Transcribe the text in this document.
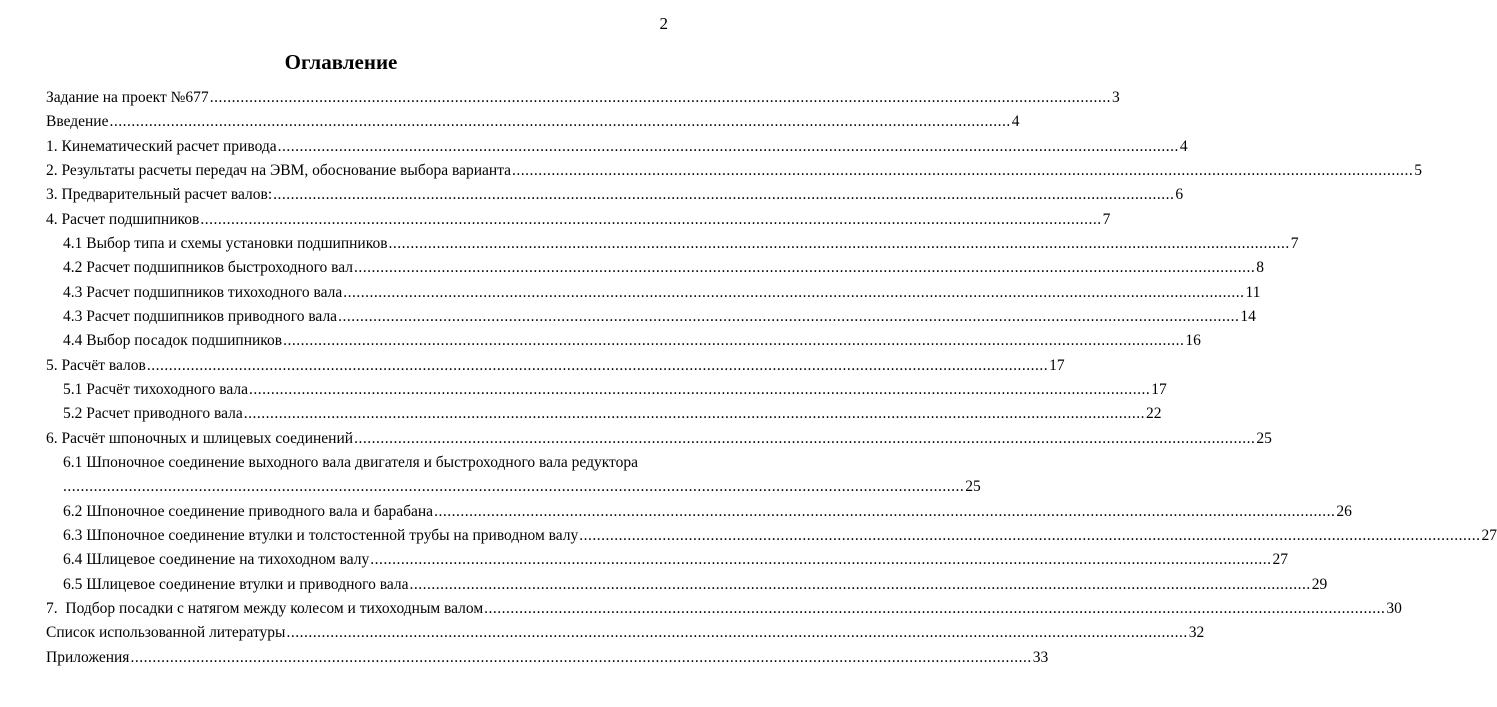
2
Оглавление
Задание на проект №677 .............................................................................................................................................................................................................. 3
Введение .............................................................................................................................................................................................................. 4
1. Кинематический расчет привода .............................................................................................................................................................................................................. 4
2. Результаты расчеты передач на ЭВМ, обоснование выбора варианта .............................................................................................................................................................................................................. 5
3. Предварительный расчет валов: .............................................................................................................................................................................................................. 6
4. Расчет подшипников .............................................................................................................................................................................................................. 7
4.1 Выбор типа и схемы установки подшипников .............................................................................................................................................................................................................. 7
4.2 Расчет подшипников быстроходного вал .............................................................................................................................................................................................................. 8
4.3 Расчет подшипников тихоходного вала .............................................................................................................................................................................................................. 11
4.3 Расчет подшипников приводного вала .............................................................................................................................................................................................................. 14
4.4 Выбор посадок подшипников .............................................................................................................................................................................................................. 16
5. Расчёт валов .............................................................................................................................................................................................................. 17
5.1 Расчёт тихоходного вала .............................................................................................................................................................................................................. 17
5.2 Расчет приводного вала .............................................................................................................................................................................................................. 22
6. Расчёт шпоночных и шлицевых соединений .............................................................................................................................................................................................................. 25
6.1 Шпоночное соединение выходного вала двигателя и быстроходного вала редуктора
.............................................................................................................................................................................................................. 25
6.2 Шпоночное соединение приводного вала и барабана .............................................................................................................................................................................................................. 26
6.3 Шпоночное соединение втулки и толстостенной трубы на приводном валу .............................................................................................................................................................................................................. 27
6.4 Шлицевое соединение на тихоходном валу .............................................................................................................................................................................................................. 27
6.5 Шлицевое соединение втулки и приводного вала .............................................................................................................................................................................................................. 29
7.  Подбор посадки с натягом между колесом и тихоходным валом .............................................................................................................................................................................................................. 30
Список использованной литературы .............................................................................................................................................................................................................. 32
Приложения .............................................................................................................................................................................................................. 33
